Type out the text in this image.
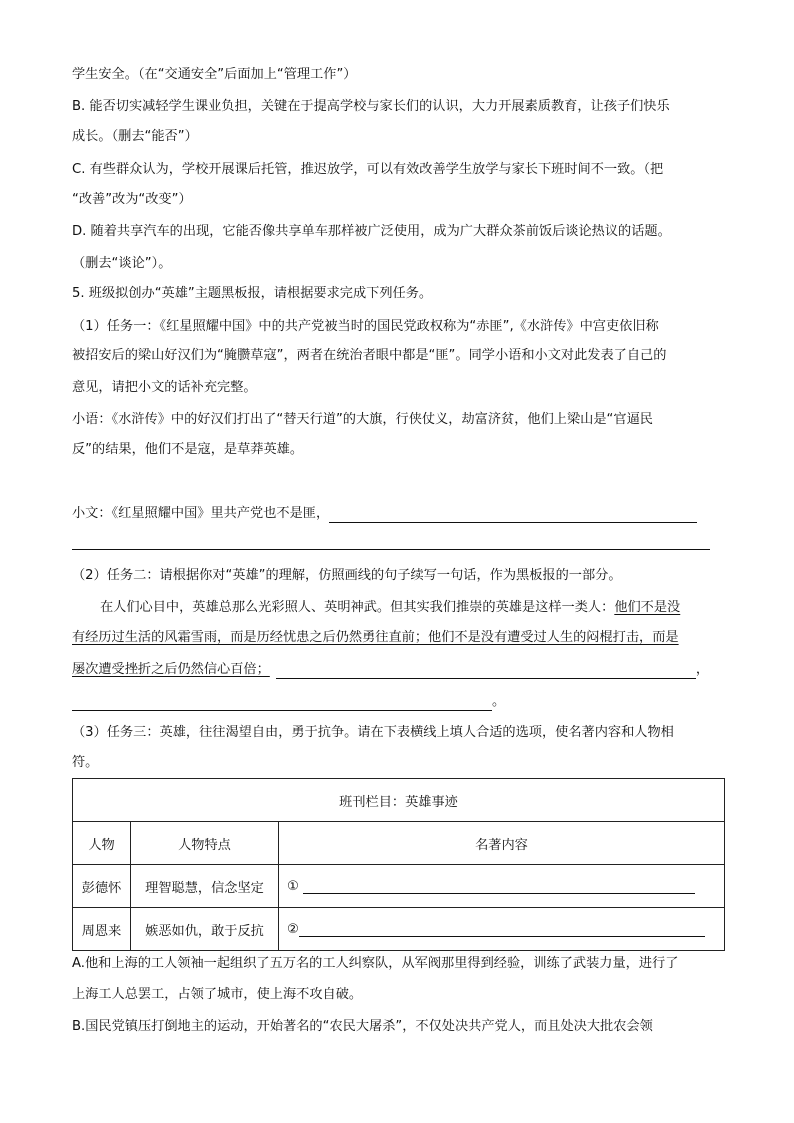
学生安全。（在“交通安全”后面加上“管理工作”）
B. 能否切实减轻学生课业负担，关键在于提高学校与家长们的认识，大力开展素质教育，让孩子们快乐
成长。（删去“能否”）
C. 有些群众认为，学校开展课后托管，推迟放学，可以有效改善学生放学与家长下班时间不一致。（把
“改善”改为“改变”）
D. 随着共享汽车的出现，它能否像共享单车那样被广泛使用，成为广大群众茶前饭后谈论热议的话题。
（删去“谈论”）。
5. 班级拟创办“英雄”主题黑板报，请根据要求完成下列任务。
（1）任务一：《红星照耀中国》中的共产党被当时的国民党政权称为“赤匪”,《水浒传》中宫吏依旧称
被招安后的梁山好汉们为“腌臜草寇”，两者在统治者眼中都是“匪”。同学小语和小文对此发表了自己的
意见，请把小文的话补充完整。
小语：《水浒传》中的好汉们打出了“替天行道”的大旗，行侠仗义，劫富济贫，他们上梁山是“官逼民
反”的结果，他们不是寇，是草莽英雄。
小文：《红星照耀中国》里共产党也不是匪，
（2）任务二：请根据你对“英雄”的理解，仿照画线的句子续写一句话，作为黑板报的一部分。
在人们心目中，英雄总那么光彩照人、英明神武。但其实我们推崇的英雄是这样一类人：他们不是没
有经历过生活的风霜雪雨，而是历经忧患之后仍然勇往直前；他们不是没有遭受过人生的闷棍打击，而是
屡次遭受挫折之后仍然信心百倍；	，
。
（3）任务三：英雄，往往渴望自由，勇于抗争。请在下表横线上填人合适的选项，使名著内容和人物相
符。
班刊栏目：英雄事迹		
人物	人物特点	名著内容
彭德怀	理智聪慧，信念坚定	①
周恩来	嫉恶如仇，敢于反抗	②
A.他和上海的工人领袖一起组织了五万名的工人纠察队，从军阀那里得到经验，训练了武装力量，进行了
上海工人总罢工，占领了城市，使上海不攻自破。
B.国民党镇压打倒地主的运动，开始著名的“农民大屠杀”，不仅处决共产党人，而且处决大批农会领
